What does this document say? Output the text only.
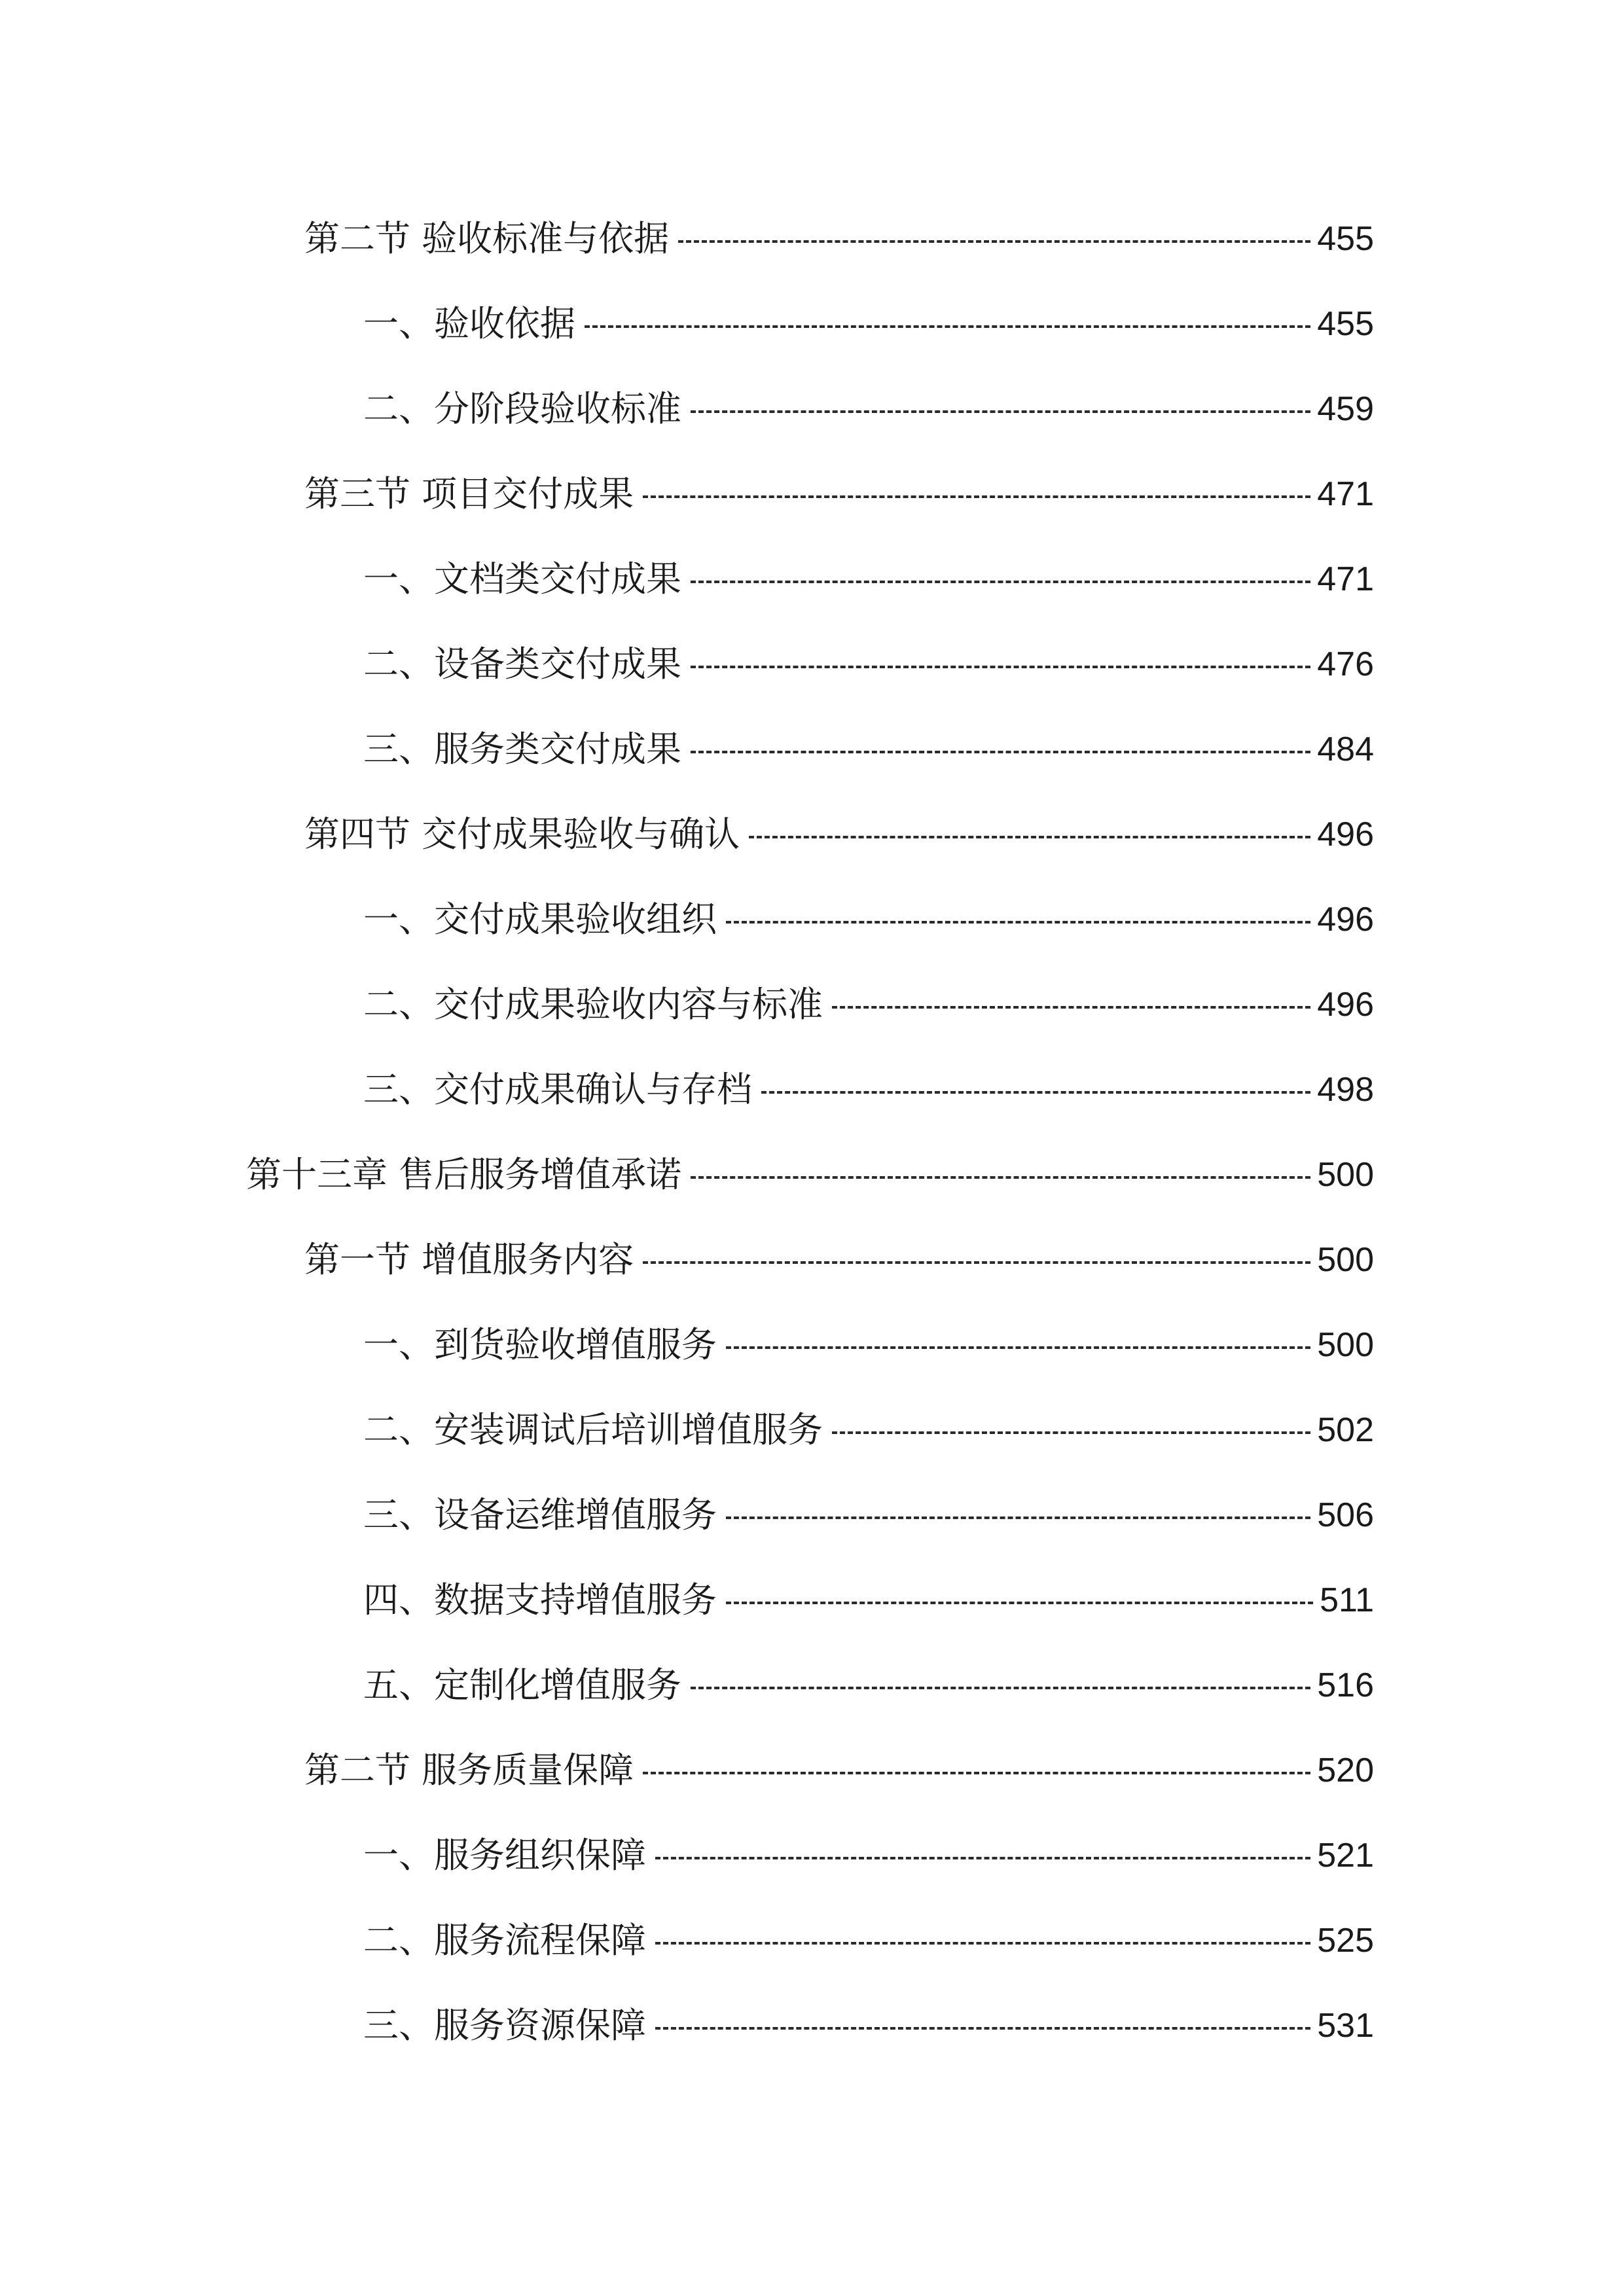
第二节 验收标准与依据	455
一、验收依据	455
二、分阶段验收标准	459
第三节 项目交付成果	471
一、文档类交付成果	471
二、设备类交付成果	476
三、服务类交付成果	484
第四节 交付成果验收与确认	496
一、交付成果验收组织	496
二、交付成果验收内容与标准	496
三、交付成果确认与存档	498
第十三章 售后服务增值承诺	500
第一节 增值服务内容	500
一、到货验收增值服务	500
二、安装调试后培训增值服务	502
三、设备运维增值服务	506
四、数据支持增值服务	511
五、定制化增值服务	516
第二节 服务质量保障	520
一、服务组织保障	521
二、服务流程保障	525
三、服务资源保障	531
